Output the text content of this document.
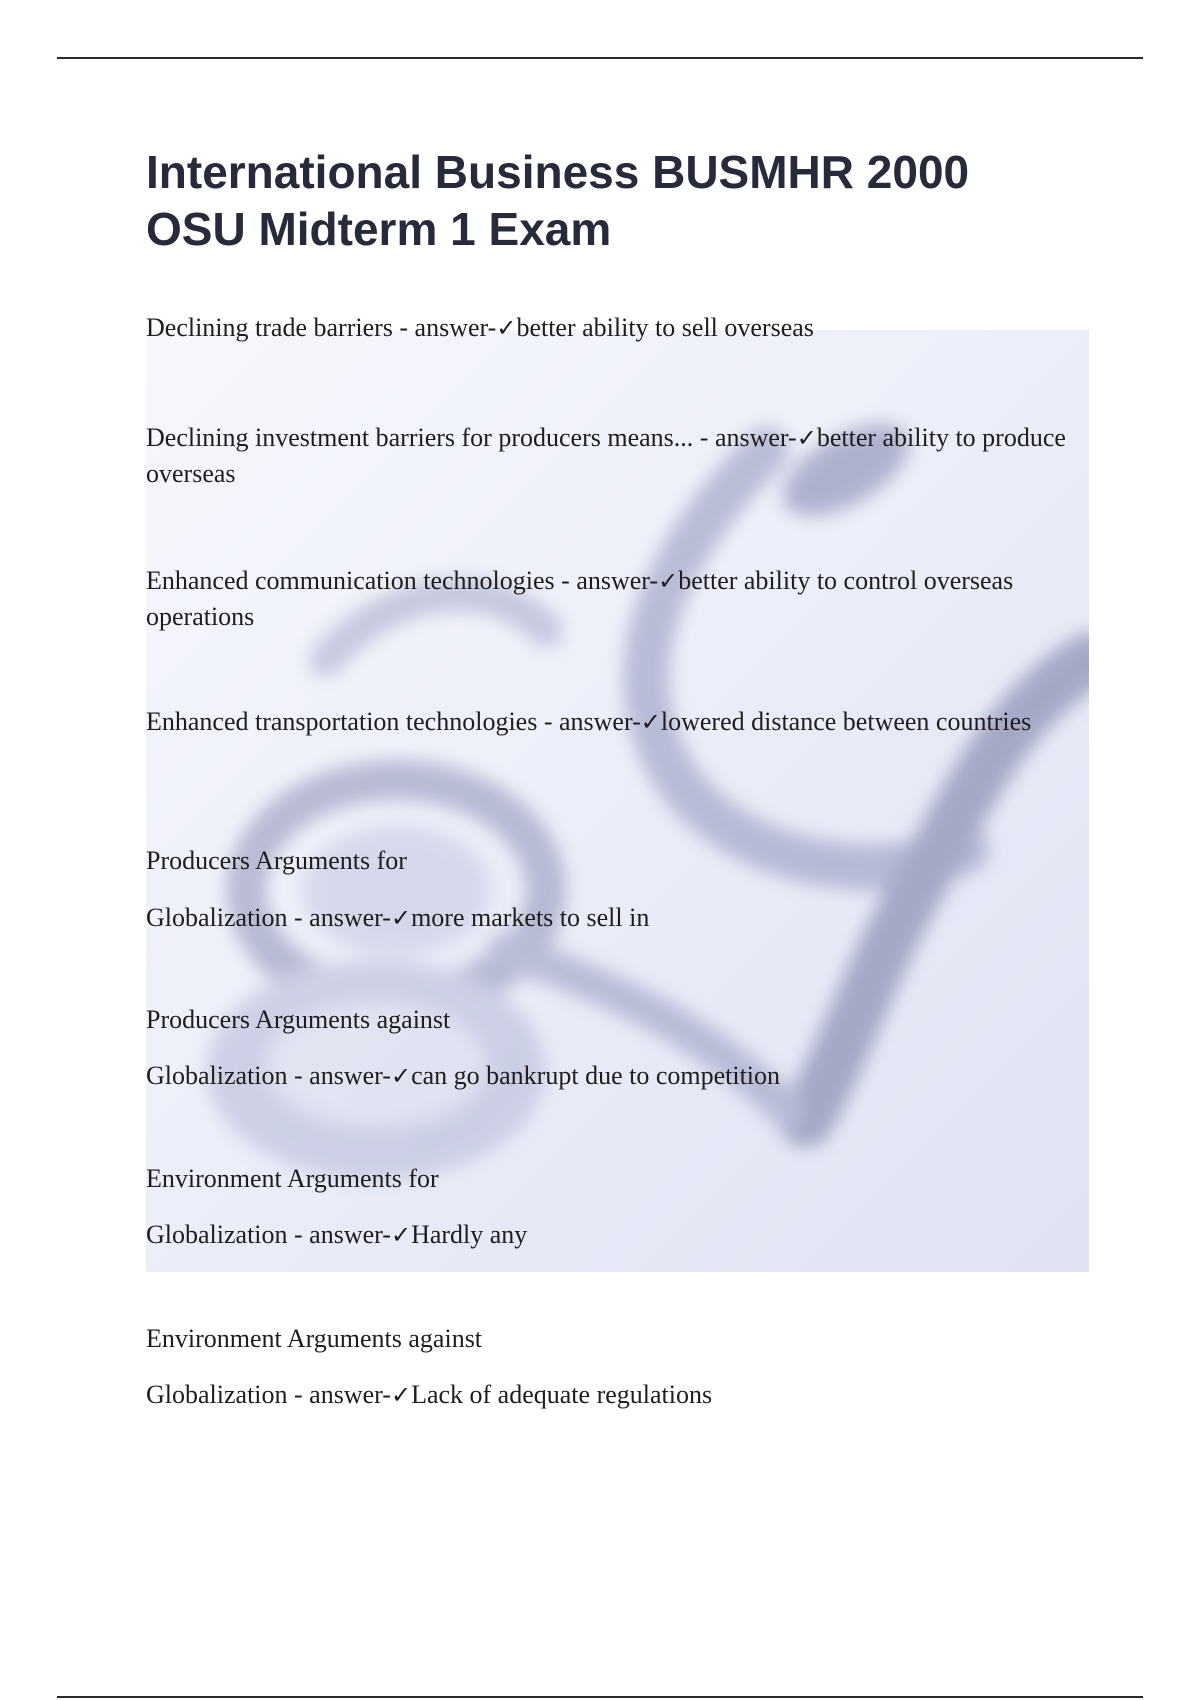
International Business BUSMHR 2000
OSU Midterm 1 Exam

Declining trade barriers - answer-✓better ability to sell overseas

Declining investment barriers for producers means... - answer-✓better ability to produce overseas

Enhanced communication technologies - answer-✓better ability to control overseas operations

Enhanced transportation technologies - answer-✓lowered distance between countries

Producers Arguments for

Globalization - answer-✓more markets to sell in

Producers Arguments against

Globalization - answer-✓can go bankrupt due to competition

Environment Arguments for

Globalization - answer-✓Hardly any

Environment Arguments against

Globalization - answer-✓Lack of adequate regulations
